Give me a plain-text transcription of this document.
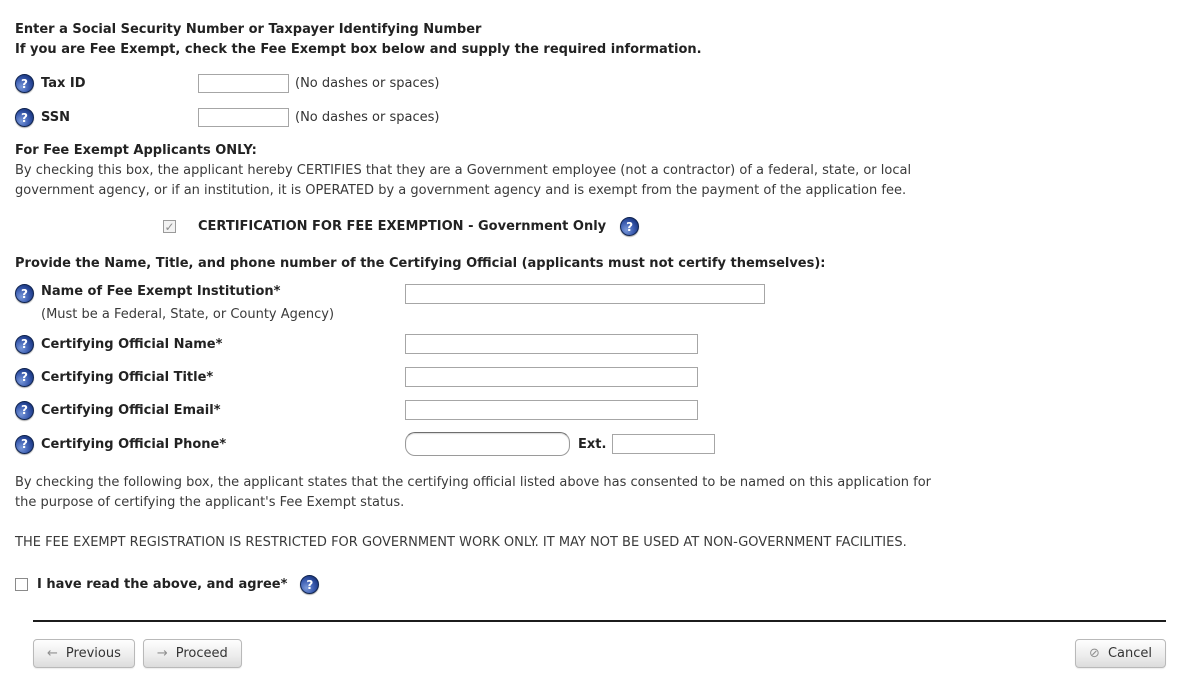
Enter a Social Security Number or Taxpayer Identifying Number
If you are Fee Exempt, check the Fee Exempt box below and supply the required information.
?	Tax ID	(No dashes or spaces)
?	SSN	(No dashes or spaces)
For Fee Exempt Applicants ONLY:
By checking this box, the applicant hereby CERTIFIES that they are a Government employee (not a contractor) of a federal, state, or local government agency, or if an institution, it is OPERATED by a government agency and is exempt from the payment of the application fee.
✓
CERTIFICATION FOR FEE EXEMPTION - Government Only	?
Provide the Name, Title, and phone number of the Certifying Official (applicants must not certify themselves):
?	Name of Fee Exempt Institution*
(Must be a Federal, State, or County Agency)
?	Certifying Official Name*
?	Certifying Official Title*
?	Certifying Official Email*
?	Certifying Official Phone*	Ext.
By checking the following box, the applicant states that the certifying official listed above has consented to be named on this application for the purpose of certifying the applicant's Fee Exempt status.
THE FEE EXEMPT REGISTRATION IS RESTRICTED FOR GOVERNMENT WORK ONLY. IT MAY NOT BE USED AT NON-GOVERNMENT FACILITIES.
I have read the above, and agree*	?
← Previous	→ Proceed	⊘ Cancel
